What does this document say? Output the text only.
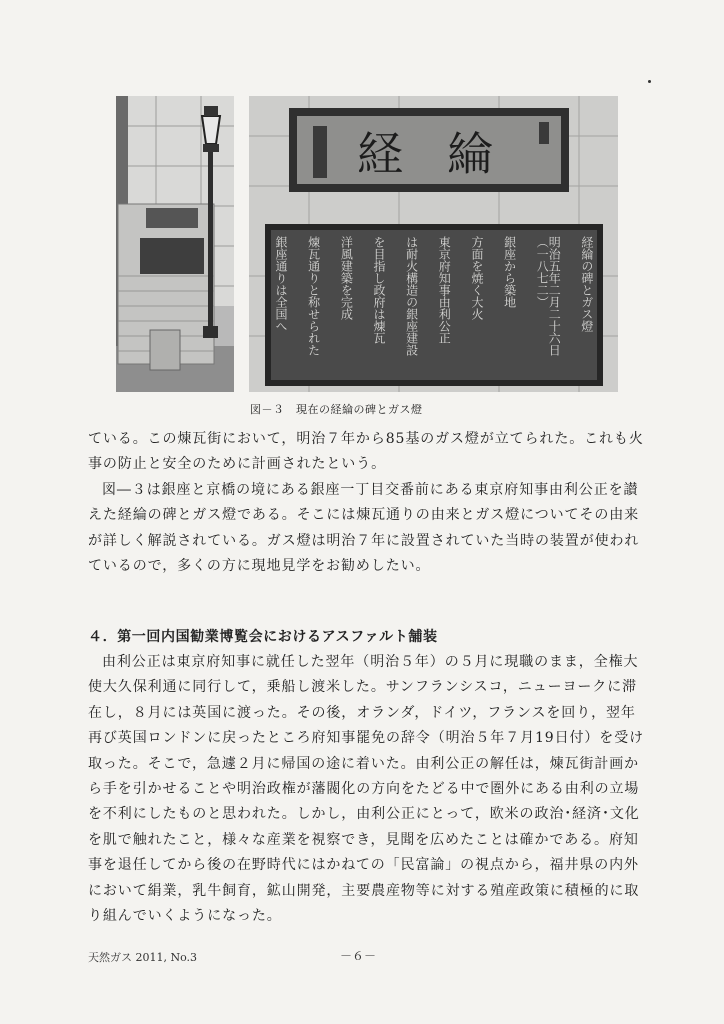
経綸
経綸の碑とガス燈
明治五年二月二十六日（一八七二）
銀座から築地
方面を焼く大火
東京府知事由利公正
は耐火構造の銀座建設
を目指し政府は煉瓦
洋風建築を完成
煉瓦通りと称せられた
銀座通りは全国へ
図－３　現在の経綸の碑とガス燈

ている。この煉瓦街において，明治７年から85基のガス燈が立てられた。これも火事の防止と安全のために計画されたという。

図―３は銀座と京橋の境にある銀座一丁目交番前にある東京府知事由利公正を讃えた経綸の碑とガス燈である。そこには煉瓦通りの由来とガス燈についてその由来が詳しく解説されている。ガス燈は明治７年に設置されていた当時の装置が使われているので，多くの方に現地見学をお勧めしたい。

４．第一回内国勧業博覧会におけるアスファルト舗装

由利公正は東京府知事に就任した翌年（明治５年）の５月に現職のまま，全権大使大久保利通に同行して，乗船し渡米した。サンフランシスコ，ニューヨークに滞在し，８月には英国に渡った。その後，オランダ，ドイツ，フランスを回り，翌年再び英国ロンドンに戻ったところ府知事罷免の辞令（明治５年７月19日付）を受け取った。そこで，急遽２月に帰国の途に着いた。由利公正の解任は，煉瓦街計画から手を引かせることや明治政権が藩閥化の方向をたどる中で圏外にある由利の立場を不利にしたものと思われた。しかし，由利公正にとって，欧米の政治･経済･文化を肌で触れたこと，様々な産業を視察でき，見聞を広めたことは確かである。府知事を退任してから後の在野時代にはかねての「民富論」の視点から，福井県の内外において絹業，乳牛飼育，鉱山開発，主要農産物等に対する殖産政策に積極的に取り組んでいくようになった。

天然ガス 2011, No.3	－６－
